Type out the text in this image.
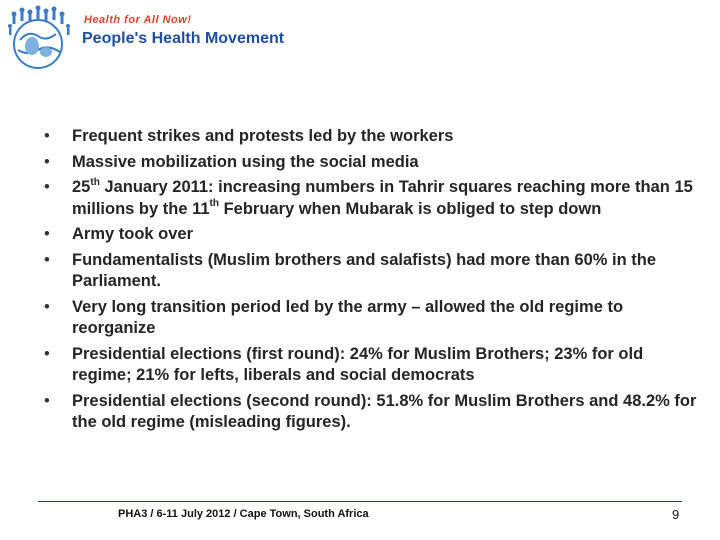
Health for All Now!
People's Health Movement
• Frequent strikes and protests led by the workers
• Massive mobilization using the social media
• 25th January 2011: increasing numbers in Tahrir squares reaching more than 15 millions by the 11th February when Mubarak is obliged to step down
• Army took over
• Fundamentalists (Muslim brothers and salafists) had more than 60% in the Parliament.
• Very long transition period led by the army – allowed the old regime to reorganize
• Presidential elections (first round): 24% for Muslim Brothers; 23% for old regime; 21% for lefts, liberals and social democrats
• Presidential elections (second round): 51.8% for Muslim Brothers and 48.2% for the old regime (misleading figures).
PHA3 / 6-11 July 2012 / Cape Town, South Africa	9
